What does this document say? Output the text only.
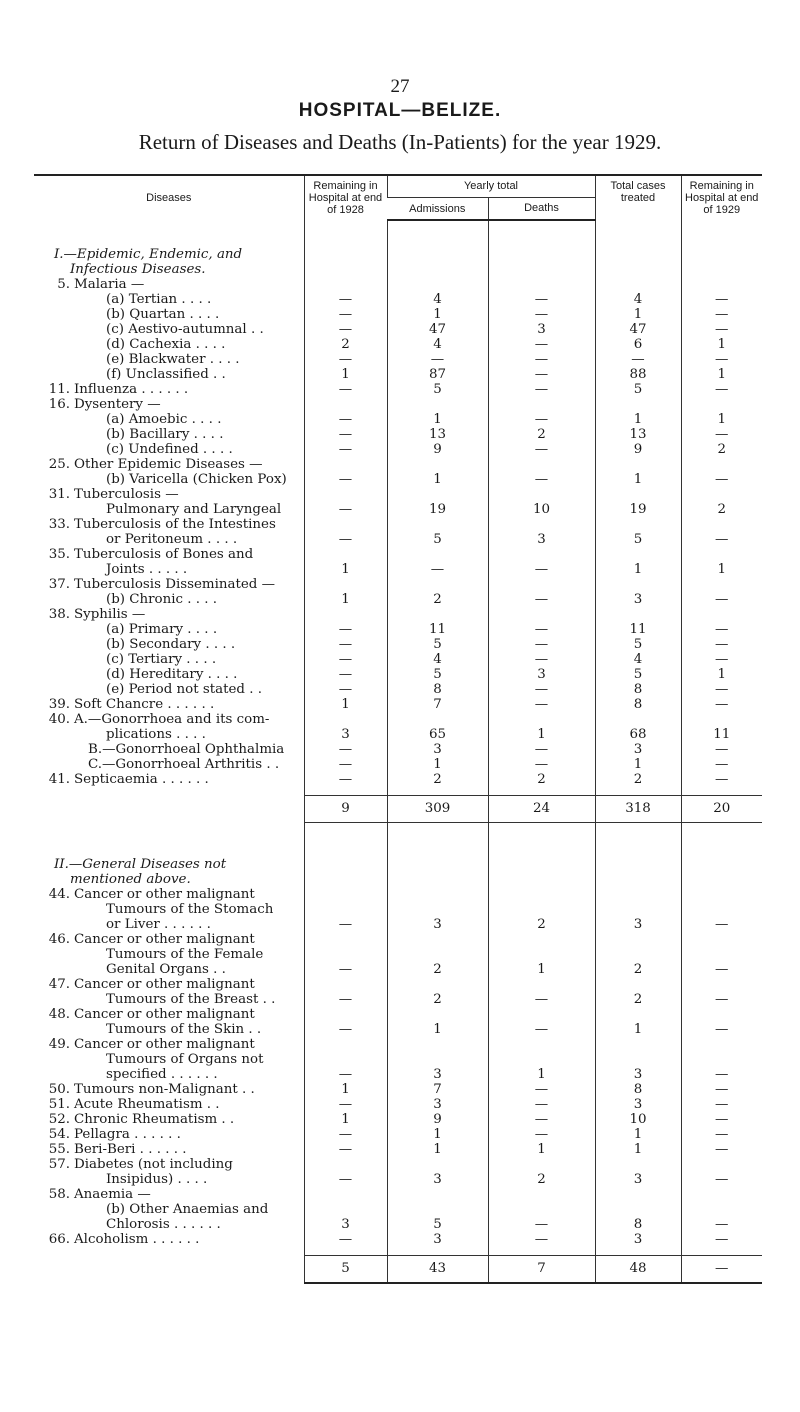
27
HOSPITAL—BELIZE.
Return of Diseases and Deaths (In-Patients) for the year 1929.
Diseases	Remaining in Hospital at end of 1928	Yearly total		Total cases treated	Remaining in Hospital at end of 1929
		Admissions	Deaths		

I.—Epidemic, Endemic, and					
Infectious Diseases.					
5. Malaria —					
(a) Tertian . . . .	—	4	—	4	—
(b) Quartan . . . .	—	1	—	1	—
(c) Aestivo-autumnal . .	—	47	3	47	—
(d) Cachexia . . . .	2	4	—	6	1
(e) Blackwater . . . .	—	—	—	—	—
(f) Unclassified . .	1	87	—	88	1
11. Influenza . . . . . .	—	5	—	5	—
16. Dysentery —					
(a) Amoebic . . . .	—	1	—	1	1
(b) Bacillary . . . .	—	13	2	13	—
(c) Undefined . . . .	—	9	—	9	2
25. Other Epidemic Diseases —					
(b) Varicella (Chicken Pox)	—	1	—	1	—
31. Tuberculosis —					
Pulmonary and Laryngeal	—	19	10	19	2
33. Tuberculosis of the Intestines					
or Peritoneum . . . .	—	5	3	5	—
35. Tuberculosis of Bones and					
Joints . . . . .	1	—	—	1	1
37. Tuberculosis Disseminated —					
(b) Chronic . . . .	1	2	—	3	—
38. Syphilis —					
(a) Primary . . . .	—	11	—	11	—
(b) Secondary . . . .	—	5	—	5	—
(c) Tertiary . . . .	—	4	—	4	—
(d) Hereditary . . . .	—	5	3	5	1
(e) Period not stated . .	—	8	—	8	—
39. Soft Chancre . . . . . .	1	7	—	8	—
40. A.—Gonorrhoea and its com-					
plications . . . .	3	65	1	68	11
B.—Gonorrhoeal Ophthalmia	—	3	—	3	—
C.—Gonorrhoeal Arthritis . .	—	1	—	1	—
41. Septicaemia . . . . . .	—	2	2	2	—

	9	309	24	318	20

II.—General Diseases not					
mentioned above.					
44. Cancer or other malignant					
Tumours of the Stomach					
or Liver . . . . . .	—	3	2	3	—
46. Cancer or other malignant					
Tumours of the Female					
Genital Organs . .	—	2	1	2	—
47. Cancer or other malignant					
Tumours of the Breast . .	—	2	—	2	—
48. Cancer or other malignant					
Tumours of the Skin . .	—	1	—	1	—
49. Cancer or other malignant					
Tumours of Organs not					
specified . . . . . .	—	3	1	3	—
50. Tumours non-Malignant . .	1	7	—	8	—
51. Acute Rheumatism . .	—	3	—	3	—
52. Chronic Rheumatism . .	1	9	—	10	—
54. Pellagra . . . . . .	—	1	—	1	—
55. Beri-Beri . . . . . .	—	1	1	1	—
57. Diabetes (not including					
Insipidus) . . . .	—	3	2	3	—
58. Anaemia —					
(b) Other Anaemias and					
Chlorosis . . . . . .	3	5	—	8	—
66. Alcoholism . . . . . .	—	3	—	3	—

	5	43	7	48	—
